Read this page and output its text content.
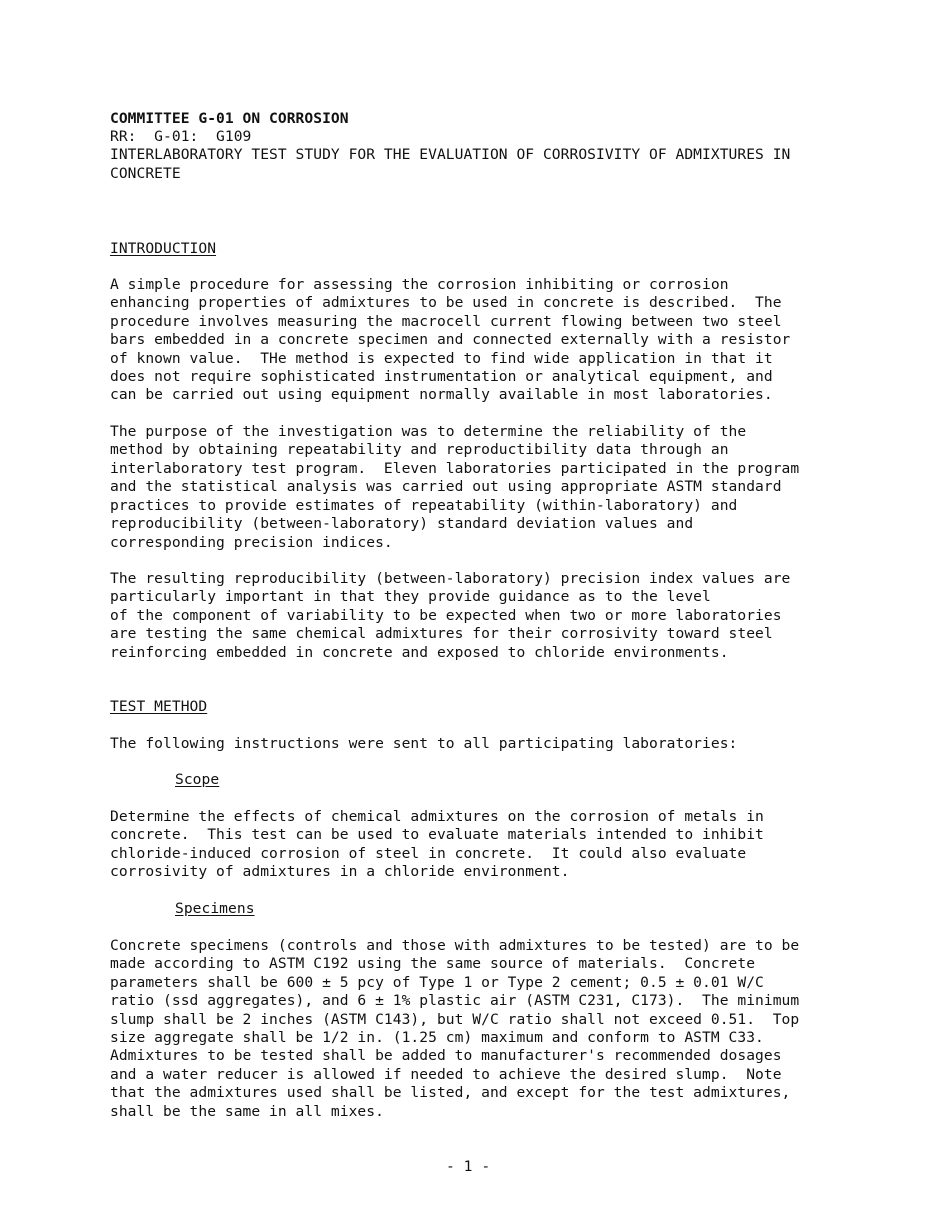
COMMITTEE G-01 ON CORROSION
RR:  G-01:  G109
INTERLABORATORY TEST STUDY FOR THE EVALUATION OF CORROSIVITY OF ADMIXTURES IN
CONCRETE
INTRODUCTION
A simple procedure for assessing the corrosion inhibiting or corrosion
enhancing properties of admixtures to be used in concrete is described.  The
procedure involves measuring the macrocell current flowing between two steel
bars embedded in a concrete specimen and connected externally with a resistor
of known value.  THe method is expected to find wide application in that it
does not require sophisticated instrumentation or analytical equipment, and
can be carried out using equipment normally available in most laboratories.
The purpose of the investigation was to determine the reliability of the
method by obtaining repeatability and reproductibility data through an
interlaboratory test program.  Eleven laboratories participated in the program
and the statistical analysis was carried out using appropriate ASTM standard
practices to provide estimates of repeatability (within-laboratory) and
reproducibility (between-laboratory) standard deviation values and
corresponding precision indices.
The resulting reproducibility (between-laboratory) precision index values are
particularly important in that they provide guidance as to the level
of the component of variability to be expected when two or more laboratories
are testing the same chemical admixtures for their corrosivity toward steel
reinforcing embedded in concrete and exposed to chloride environments.
TEST METHOD
The following instructions were sent to all participating laboratories:
Scope
Determine the effects of chemical admixtures on the corrosion of metals in
concrete.  This test can be used to evaluate materials intended to inhibit
chloride-induced corrosion of steel in concrete.  It could also evaluate
corrosivity of admixtures in a chloride environment.
Specimens
Concrete specimens (controls and those with admixtures to be tested) are to be
made according to ASTM C192 using the same source of materials.  Concrete
parameters shall be 600 ± 5 pcy of Type 1 or Type 2 cement; 0.5 ± 0.01 W/C
ratio (ssd aggregates), and 6 ± 1% plastic air (ASTM C231, C173).  The minimum
slump shall be 2 inches (ASTM C143), but W/C ratio shall not exceed 0.51.  Top
size aggregate shall be 1/2 in. (1.25 cm) maximum and conform to ASTM C33.
Admixtures to be tested shall be added to manufacturer's recommended dosages
and a water reducer is allowed if needed to achieve the desired slump.  Note
that the admixtures used shall be listed, and except for the test admixtures,
shall be the same in all mixes.
- 1 -
